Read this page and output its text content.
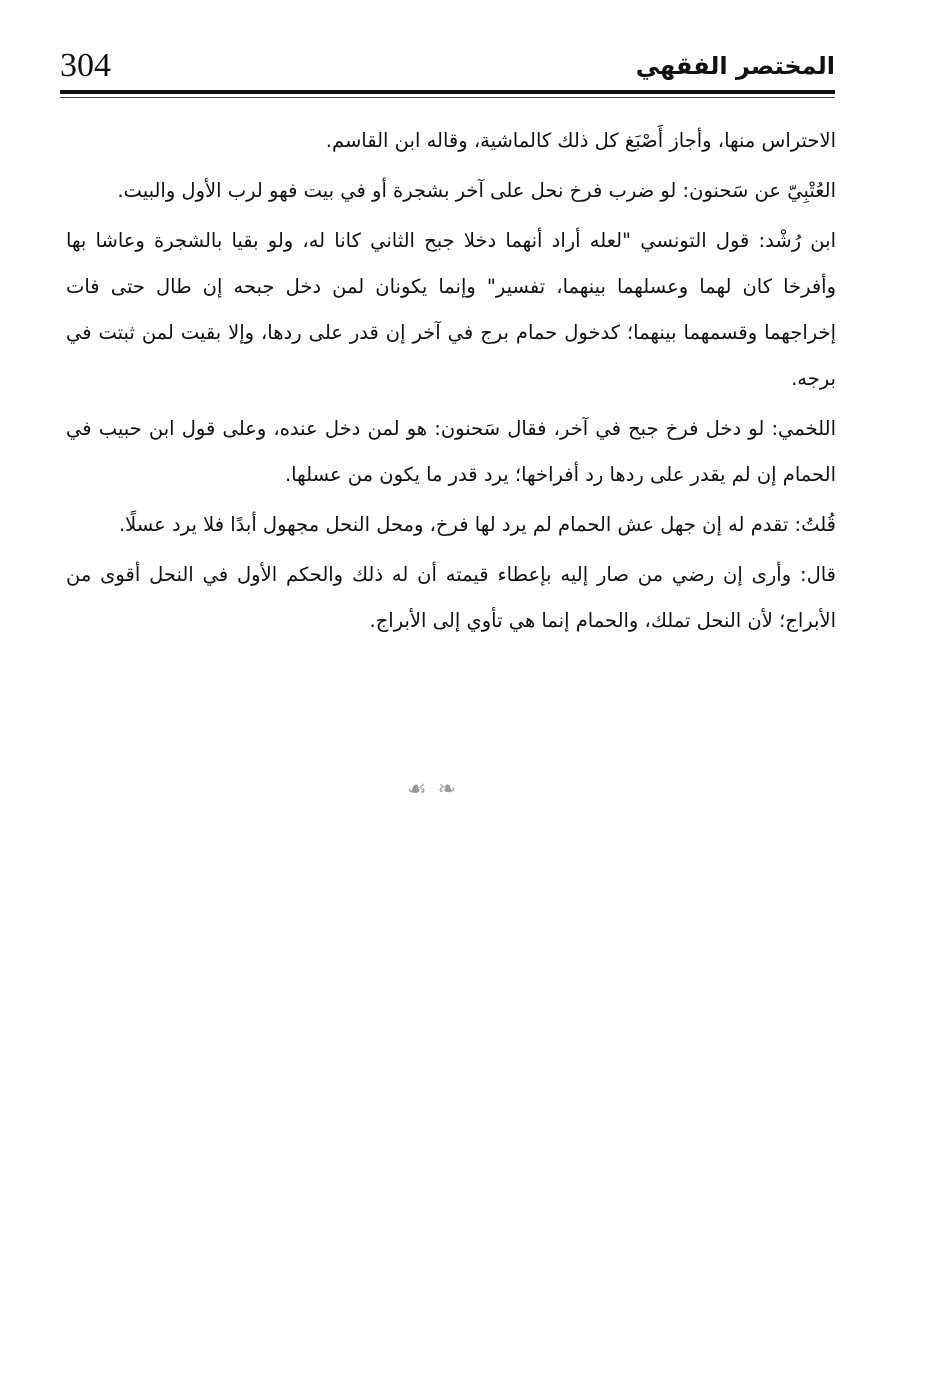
304	المختصر الفقهي

الاحتراس منها، وأجاز أَصْبَغ كل ذلك كالماشية، وقاله ابن القاسم.

العُتْبِيّ عن سَحنون: لو ضرب فرخ نحل على آخر بشجرة أو في بيت فهو لرب الأول والبيت.

ابن رُشْد: قول التونسي "لعله أراد أنهما دخلا جبح الثاني كانا له، ولو بقيا بالشجرة وعاشا بها وأفرخا كان لهما وعسلهما بينهما، تفسير" وإنما يكونان لمن دخل جبحه إن طال حتى فات إخراجهما وقسمهما بينهما؛ كدخول حمام برج في آخر إن قدر على ردها، وإلا بقيت لمن ثبتت في برجه.

اللخمي: لو دخل فرخ جبح في آخر، فقال سَحنون: هو لمن دخل عنده، وعلى قول ابن حبيب في الحمام إن لم يقدر على ردها رد أفراخها؛ يرد قدر ما يكون من عسلها.

قُلتُ: تقدم له إن جهل عش الحمام لم يرد لها فرخ، ومحل النحل مجهول أبدًا فلا يرد عسلًا.

قال: وأرى إن رضي من صار إليه بإعطاء قيمته أن له ذلك والحكم الأول في النحل أقوى من الأبراج؛ لأن النحل تملك، والحمام إنما هي تأوي إلى الأبراج.

☙ ❧
